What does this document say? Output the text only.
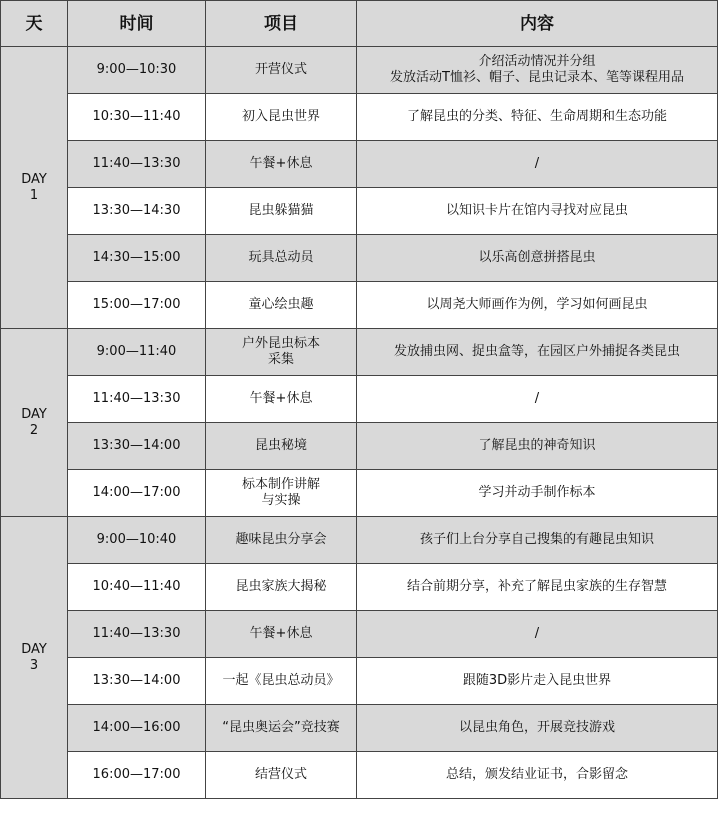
天	时间	项目	内容

DAY
1	9:00—10:30	开营仪式	介绍活动情况并分组
发放活动T恤衫、帽子、昆虫记录本、笔等课程用品
	10:30—11:40	初入昆虫世界	了解昆虫的分类、特征、生命周期和生态功能
	11:40—13:30	午餐+休息	/
	13:30—14:30	昆虫躲猫猫	以知识卡片在馆内寻找对应昆虫
	14:30—15:00	玩具总动员	以乐高创意拼搭昆虫
	15:00—17:00	童心绘虫趣	以周尧大师画作为例，学习如何画昆虫

DAY
2	9:00—11:40	户外昆虫标本
采集	发放捕虫网、捉虫盒等，在园区户外捕捉各类昆虫
	11:40—13:30	午餐+休息	/
	13:30—14:00	昆虫秘境	了解昆虫的神奇知识
	14:00—17:00	标本制作讲解
与实操	学习并动手制作标本

DAY
3	9:00—10:40	趣味昆虫分享会	孩子们上台分享自己搜集的有趣昆虫知识
	10:40—11:40	昆虫家族大揭秘	结合前期分享，补充了解昆虫家族的生存智慧
	11:40—13:30	午餐+休息	/
	13:30—14:00	一起《昆虫总动员》	跟随3D影片走入昆虫世界
	14:00—16:00	“昆虫奥运会”竞技赛	以昆虫角色，开展竞技游戏
	16:00—17:00	结营仪式	总结，颁发结业证书，合影留念
